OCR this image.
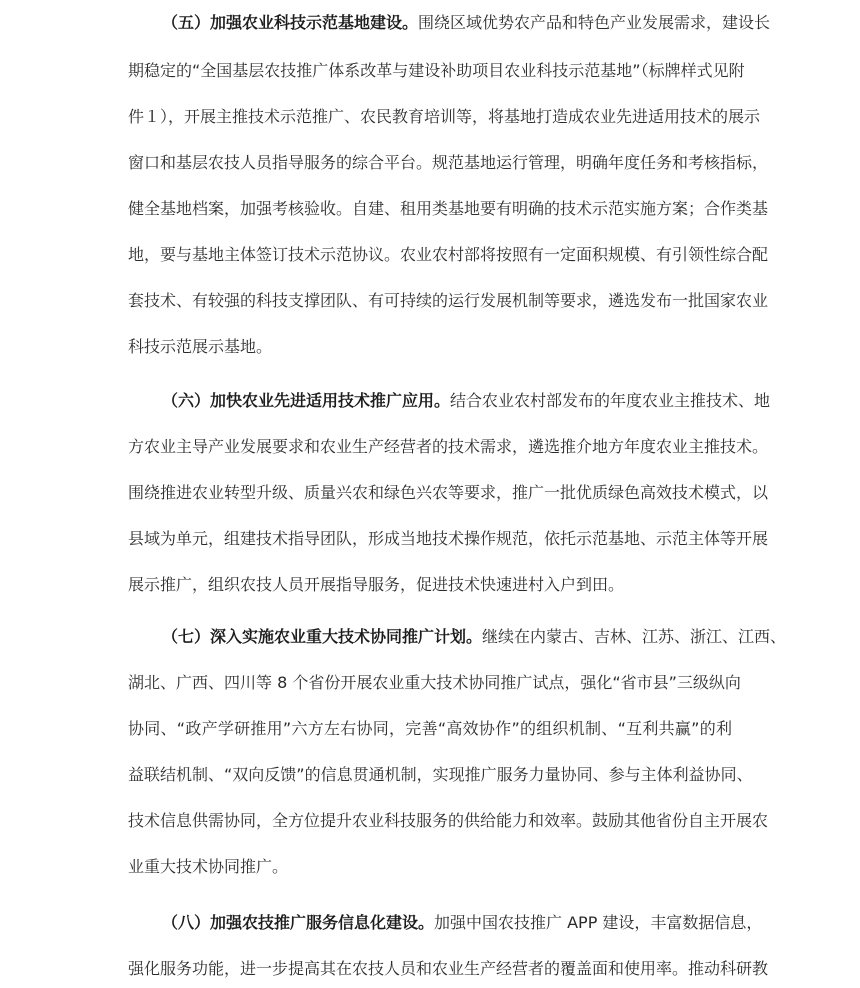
（五）加强农业科技示范基地建设。围绕区域优势农产品和特色产业发展需求，建设长
期稳定的“全国基层农技推广体系改革与建设补助项目农业科技示范基地”（标牌样式见附
件１），开展主推技术示范推广、农民教育培训等，将基地打造成农业先进适用技术的展示
窗口和基层农技人员指导服务的综合平台。规范基地运行管理，明确年度任务和考核指标，
健全基地档案，加强考核验收。自建、租用类基地要有明确的技术示范实施方案；合作类基
地，要与基地主体签订技术示范协议。农业农村部将按照有一定面积规模、有引领性综合配
套技术、有较强的科技支撑团队、有可持续的运行发展机制等要求，遴选发布一批国家农业
科技示范展示基地。
（六）加快农业先进适用技术推广应用。结合农业农村部发布的年度农业主推技术、地
方农业主导产业发展要求和农业生产经营者的技术需求，遴选推介地方年度农业主推技术。
围绕推进农业转型升级、质量兴农和绿色兴农等要求，推广一批优质绿色高效技术模式，以
县域为单元，组建技术指导团队，形成当地技术操作规范，依托示范基地、示范主体等开展
展示推广，组织农技人员开展指导服务，促进技术快速进村入户到田。
（七）深入实施农业重大技术协同推广计划。继续在内蒙古、吉林、江苏、浙江、江西、
湖北、广西、四川等 8 个省份开展农业重大技术协同推广试点，强化“省市县”三级纵向
协同、“政产学研推用”六方左右协同，完善“高效协作”的组织机制、“互利共赢”的利
益联结机制、“双向反馈”的信息贯通机制，实现推广服务力量协同、参与主体利益协同、
技术信息供需协同，全方位提升农业科技服务的供给能力和效率。鼓励其他省份自主开展农
业重大技术协同推广。
（八）加强农技推广服务信息化建设。加强中国农技推广 APP 建设，丰富数据信息，
强化服务功能，进一步提高其在农技人员和农业生产经营者的覆盖面和使用率。推动科研教
